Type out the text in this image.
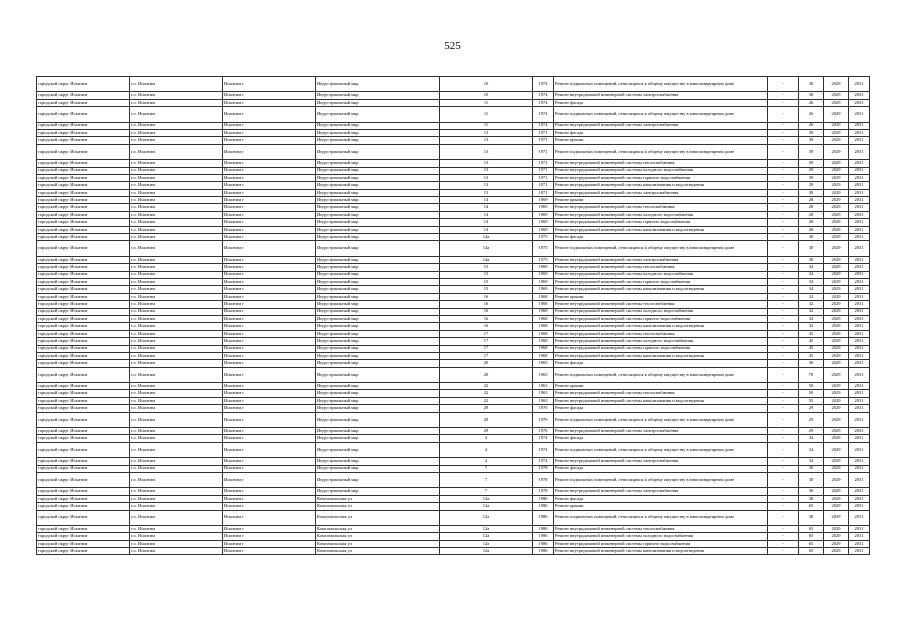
525
городской округ Искитим	г.о. Искитим	Искитим г	Индустриальный мкр	10	1974	Ремонт подвальных помещений, относящихся к общему имуществу в многоквартирном доме	-	30	2029	2031
городской округ Искитим	г.о. Искитим	Искитим г	Индустриальный мкр	10	1974	Ремонт внутридомовой инженерной системы электроснабжения	-	30	2029	2031
городской округ Искитим	г.о. Искитим	Искитим г	Индустриальный мкр	11	1974	Ремонт фасада	-	26	2029	2031
городской округ Искитим	г.о. Искитим	Искитим г	Индустриальный мкр	11	1974	Ремонт подвальных помещений, относящихся к общему имуществу в многоквартирном доме	-	26	2029	2031
городской округ Искитим	г.о. Искитим	Искитим г	Индустриальный мкр	11	1974	Ремонт внутридомовой инженерной системы электроснабжения	-	26	2029	2031
городской округ Искитим	г.о. Искитим	Искитим г	Индустриальный мкр	13	1971	Ремонт фасада	-	39	2029	2031
городской округ Искитим	г.о. Искитим	Искитим г	Индустриальный мкр	13	1971	Ремонт крыши	-	39	2029	2031
городской округ Искитим	г.о. Искитим	Искитим г	Индустриальный мкр	13	1971	Ремонт подвальных помещений, относящихся к общему имуществу в многоквартирном доме	-	39	2029	2031
городской округ Искитим	г.о. Искитим	Искитим г	Индустриальный мкр	13	1971	Ремонт внутридомовой инженерной системы теплоснабжения	-	39	2029	2031
городской округ Искитим	г.о. Искитим	Искитим г	Индустриальный мкр	13	1971	Ремонт внутридомовой инженерной системы холодного водоснабжения	-	39	2029	2031
городской округ Искитим	г.о. Искитим	Искитим г	Индустриальный мкр	13	1971	Ремонт внутридомовой инженерной системы горячего водоснабжения	-	39	2029	2031
городской округ Искитим	г.о. Искитим	Искитим г	Индустриальный мкр	13	1971	Ремонт внутридомовой инженерной системы канализования и водоотведения	-	39	2029	2031
городской округ Искитим	г.о. Искитим	Искитим г	Индустриальный мкр	13	1971	Ремонт внутридомовой инженерной системы электроснабжения	-	39	2029	2031
городской округ Искитим	г.о. Искитим	Искитим г	Индустриальный мкр	14	1969	Ремонт крыши	-	28	2029	2031
городской округ Искитим	г.о. Искитим	Искитим г	Индустриальный мкр	14	1969	Ремонт внутридомовой инженерной системы теплоснабжения	-	28	2029	2031
городской округ Искитим	г.о. Искитим	Искитим г	Индустриальный мкр	14	1969	Ремонт внутридомовой инженерной системы холодного водоснабжения	-	28	2029	2031
городской округ Искитим	г.о. Искитим	Искитим г	Индустриальный мкр	14	1969	Ремонт внутридомовой инженерной системы горячего водоснабжения	-	28	2029	2031
городской округ Искитим	г.о. Искитим	Искитим г	Индустриальный мкр	14	1969	Ремонт внутридомовой инженерной системы канализования и водоотведения	-	28	2029	2031
городской округ Искитим	г.о. Искитим	Искитим г	Индустриальный мкр	14а	1975	Ремонт фасада	-	30	2029	2031
городской округ Искитим	г.о. Искитим	Искитим г	Индустриальный мкр	14а	1975	Ремонт подвальных помещений, относящихся к общему имуществу в многоквартирном доме	-	30	2029	2031
городской округ Искитим	г.о. Искитим	Искитим г	Индустриальный мкр	14а	1975	Ремонт внутридомовой инженерной системы электроснабжения	-	30	2029	2031
городской округ Искитим	г.о. Искитим	Искитим г	Индустриальный мкр	15	1969	Ремонт внутридомовой инженерной системы теплоснабжения	-	34	2029	2031
городской округ Искитим	г.о. Искитим	Искитим г	Индустриальный мкр	15	1969	Ремонт внутридомовой инженерной системы холодного водоснабжения	-	34	2029	2031
городской округ Искитим	г.о. Искитим	Искитим г	Индустриальный мкр	15	1969	Ремонт внутридомовой инженерной системы горячего водоснабжения	-	34	2029	2031
городской округ Искитим	г.о. Искитим	Искитим г	Индустриальный мкр	15	1969	Ремонт внутридомовой инженерной системы канализования и водоотведения	-	34	2029	2031
городской округ Искитим	г.о. Искитим	Искитим г	Индустриальный мкр	16	1968	Ремонт крыши	-	32	2029	2031
городской округ Искитим	г.о. Искитим	Искитим г	Индустриальный мкр	16	1968	Ремонт внутридомовой инженерной системы теплоснабжения	-	32	2029	2031
городской округ Искитим	г.о. Искитим	Искитим г	Индустриальный мкр	16	1968	Ремонт внутридомовой инженерной системы холодного водоснабжения	-	32	2029	2031
городской округ Искитим	г.о. Искитим	Искитим г	Индустриальный мкр	16	1968	Ремонт внутридомовой инженерной системы горячего водоснабжения	-	32	2029	2031
городской округ Искитим	г.о. Искитим	Искитим г	Индустриальный мкр	16	1968	Ремонт внутридомовой инженерной системы канализования и водоотведения	-	32	2029	2031
городской округ Искитим	г.о. Искитим	Искитим г	Индустриальный мкр	17	1968	Ремонт внутридомовой инженерной системы теплоснабжения	-	45	2029	2031
городской округ Искитим	г.о. Искитим	Искитим г	Индустриальный мкр	17	1968	Ремонт внутридомовой инженерной системы холодного водоснабжения	-	45	2029	2031
городской округ Искитим	г.о. Искитим	Искитим г	Индустриальный мкр	17	1968	Ремонт внутридомовой инженерной системы горячего водоснабжения	-	45	2029	2031
городской округ Искитим	г.о. Искитим	Искитим г	Индустриальный мкр	17	1968	Ремонт внутридомовой инженерной системы канализования и водоотведения	-	45	2029	2031
городской округ Искитим	г.о. Искитим	Искитим г	Индустриальный мкр	20	1965	Ремонт фасада	-	30	2029	2031
городской округ Искитим	г.о. Искитим	Искитим г	Индустриальный мкр	20	1965	Ремонт подвальных помещений, относящихся к общему имуществу в многоквартирном доме	-	70	2029	2031
городской округ Искитим	г.о. Искитим	Искитим г	Индустриальный мкр	22	1963	Ремонт крыши	-	50	2029	2031
городской округ Искитим	г.о. Искитим	Искитим г	Индустриальный мкр	22	1963	Ремонт внутридомовой инженерной системы теплоснабжения	-	50	2029	2031
городской округ Искитим	г.о. Искитим	Искитим г	Индустриальный мкр	22	1963	Ремонт внутридомовой инженерной системы канализования и водоотведения	-	55	2029	2031
городской округ Искитим	г.о. Искитим	Искитим г	Индустриальный мкр	29	1976	Ремонт фасада	-	29	2029	2031
городской округ Искитим	г.о. Искитим	Искитим г	Индустриальный мкр	29	1976	Ремонт подвальных помещений, относящихся к общему имуществу в многоквартирном доме	-	29	2029	2031
городской округ Искитим	г.о. Искитим	Искитим г	Индустриальный мкр	29	1976	Ремонт внутридомовой инженерной системы электроснабжения	-	29	2029	2031
городской округ Искитим	г.о. Искитим	Искитим г	Индустриальный мкр	4	1974	Ремонт фасада	-	34	2029	2031
городской округ Искитим	г.о. Искитим	Искитим г	Индустриальный мкр	4	1974	Ремонт подвальных помещений, относящихся к общему имуществу в многоквартирном доме	-	34	2029	2031
городской округ Искитим	г.о. Искитим	Искитим г	Индустриальный мкр	4	1974	Ремонт внутридомовой инженерной системы электроснабжения	-	34	2029	2031
городской округ Искитим	г.о. Искитим	Искитим г	Индустриальный мкр	7	1978	Ремонт фасада	-	30	2029	2031
городской округ Искитим	г.о. Искитим	Искитим г	Индустриальный мкр	7	1978	Ремонт подвальных помещений, относящихся к общему имуществу в многоквартирном доме	-	30	2029	2031
городской округ Искитим	г.о. Искитим	Искитим г	Индустриальный мкр	7	1978	Ремонт внутридомовой инженерной системы электроснабжения	-	30	2029	2031
городской округ Искитим	г.о. Искитим	Искитим г	Комсомольская ул	12а	1986	Ремонт фасада	-	38	2029	2031
городской округ Искитим	г.о. Искитим	Искитим г	Комсомольская ул	12а	1986	Ремонт крыши	-	65	2029	2031
городской округ Искитим	г.о. Искитим	Искитим г	Комсомольская ул	12а	1986	Ремонт подвальных помещений, относящихся к общему имуществу в многоквартирном доме	-	38	2029	2031
городской округ Искитим	г.о. Искитим	Искитим г	Комсомольская ул	12а	1986	Ремонт внутридомовой инженерной системы теплоснабжения	-	65	2029	2031
городской округ Искитим	г.о. Искитим	Искитим г	Комсомольская ул	12а	1986	Ремонт внутридомовой инженерной системы холодного водоснабжения	-	65	2029	2031
городской округ Искитим	г.о. Искитим	Искитим г	Комсомольская ул	12а	1986	Ремонт внутридомовой инженерной системы горячего водоснабжения	-	65	2029	2031
городской округ Искитим	г.о. Искитим	Искитим г	Комсомольская ул	12а	1986	Ремонт внутридомовой инженерной системы канализования и водоотведения	-	65	2029	2031
